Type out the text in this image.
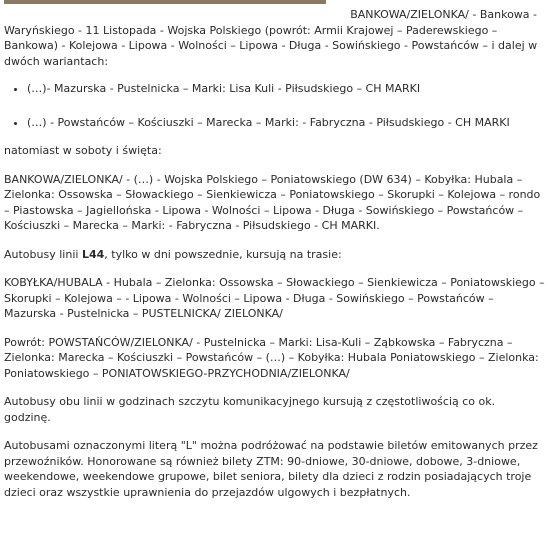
BANKOWA/ZIELONKA/ - Bankowa -
Waryńskiego - 11 Listopada - Wojska Polskiego (powrót: Armii Krajowej – Paderewskiego –Bankowa) - Kolejowa - Lipowa - Wolności – Lipowa - Długa - Sowińskiego - Powstańców – i dalej w dwóch wariantach:

• (…)- Mazurska - Pustelnicka – Marki: Lisa Kuli - Piłsudskiego – CH MARKI
• (…) - Powstańców – Kościuszki – Marecka – Marki: - Fabryczna - Piłsudskiego - CH MARKI

natomiast w soboty i święta:

BANKOWA/ZIELONKA/ - (…) - Wojska Polskiego – Poniatowskiego (DW 634) – Kobyłka: Hubala – Zielonka: Ossowska – Słowackiego – Sienkiewicza – Poniatowskiego – Skorupki – Kolejowa – rondo – Piastowska – Jagiellońska - Lipowa - Wolności – Lipowa - Długa - Sowińskiego – Powstańców – Kościuszki – Marecka – Marki: - Fabryczna - Piłsudskiego - CH MARKI.

Autobusy linii L44, tylko w dni powszednie, kursują na trasie:

KOBYŁKA/HUBALA - Hubala – Zielonka: Ossowska – Słowackiego – Sienkiewicza – Poniatowskiego – Skorupki – Kolejowa – - Lipowa - Wolności – Lipowa - Długa - Sowińskiego – Powstańców – Mazurska - Pustelnicka – PUSTELNICKA/ ZIELONKA/

Powrót: POWSTAŃCÓW/ZIELONKA/ - Pustelnicka – Marki: Lisa-Kuli – Ząbkowska – Fabryczna – Zielonka: Marecka – Kościuszki – Powstańców – (…) – Kobyłka: Hubala Poniatowskiego – Zielonka: Poniatowskiego – PONIATOWSKIEGO-PRZYCHODNIA/ZIELONKA/

Autobusy obu linii w godzinach szczytu komunikacyjnego kursują z częstotliwością co ok. godzinę.

Autobusami oznaczonymi literą "L" można podróżować na podstawie biletów emitowanych przez przewoźników. Honorowane są również bilety ZTM: 90-dniowe, 30-dniowe, dobowe, 3-dniowe, weekendowe, weekendowe grupowe, bilet seniora, bilety dla dzieci z rodzin posiadających troje dzieci oraz wszystkie uprawnienia do przejazdów ulgowych i bezpłatnych.
